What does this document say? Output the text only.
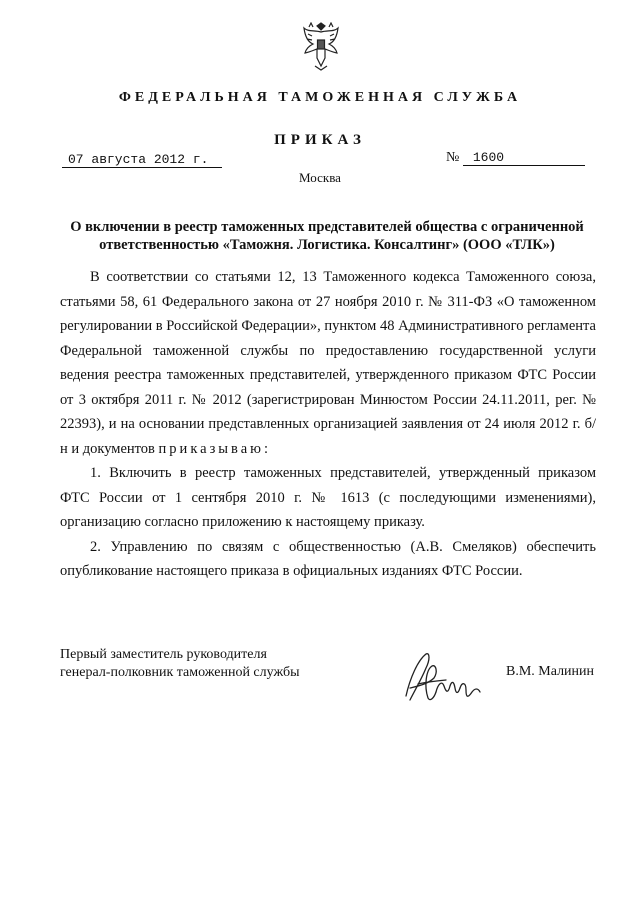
ФЕДЕРАЛЬНАЯ ТАМОЖЕННАЯ СЛУЖБА
ПРИКАЗ
07 августа 2012 г.	№ 1600
Москва
О включении в реестр таможенных представителей общества с ограниченной ответственностью «Таможня. Логистика. Консалтинг» (ООО «ТЛК»)

В соответствии со статьями 12, 13 Таможенного кодекса Таможенного союза, статьями 58, 61 Федерального закона от 27 ноября 2010 г. № 311-ФЗ «О таможенном регулировании в Российской Федерации», пунктом 48 Административного регламента Федеральной таможенной службы по предоставлению государственной услуги ведения реестра таможенных представителей, утвержденного приказом ФТС России от 3 октября 2011 г. № 2012 (зарегистрирован Минюстом России 24.11.2011, рег. № 22393), и на основании представленных организацией заявления от 24 июля 2012 г. б/н и документов приказываю:

1. Включить в реестр таможенных представителей, утвержденный приказом ФТС России от 1 сентября 2010 г. № 1613 (с последующими изменениями), организацию согласно приложению к настоящему приказу.

2. Управлению по связям с общественностью (А.В. Смеляков) обеспечить опубликование настоящего приказа в официальных изданиях ФТС России.

Первый заместитель руководителя
генерал-полковник таможенной службы	В.М. Малинин
